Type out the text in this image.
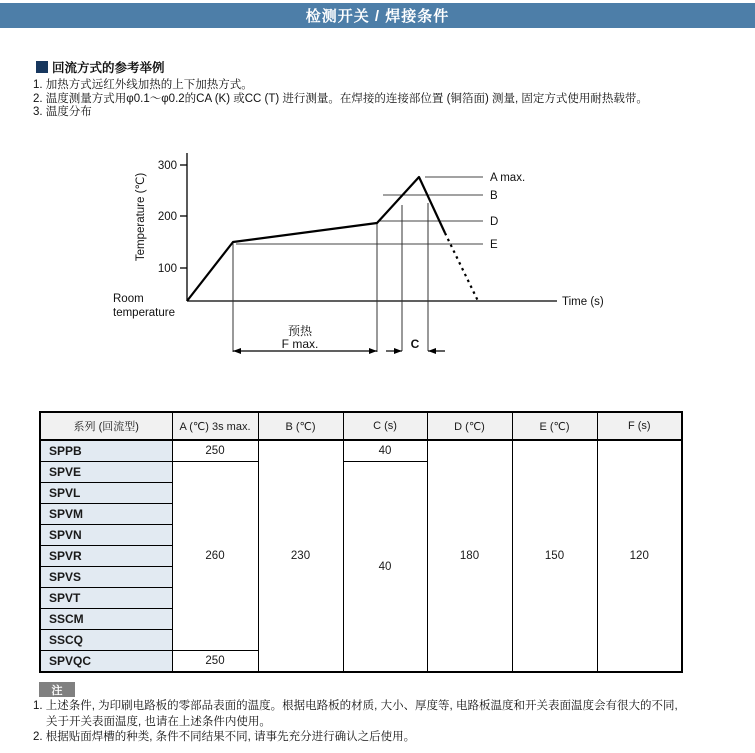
检测开关 / 焊接条件
回流方式的参考举例
1. 加热方式远红外线加热的上下加热方式。
2. 温度测量方式用φ0.1～φ0.2的CA (K) 或CC (T) 进行测量。在焊接的连接部位置 (铜箔面) 测量, 固定方式使用耐热载带。
3. 温度分布
300
200
100
Temperature (℃)
Time (s)
Room
temperature
A max.
B
D
E
预热
F max.	C
系列 (回流型)	A (℃) 3s max.	B (℃)	C (s)	D (℃)	E (℃)	F (s)
SPPB	250	230	40	180	150	120
SPVE	260		40			
SPVL						
SPVM						
SPVN						
SPVR						
SPVS						
SPVT						
SSCM						
SSCQ						
SPVQC	250					
注
1. 上述条件, 为印刷电路板的零部品表面的温度。根据电路板的材质, 大小、厚度等, 电路板温度和开关表面温度会有很大的不同,
关于开关表面温度, 也请在上述条件内使用。
2. 根据贴面焊槽的种类, 条件不同结果不同, 请事先充分进行确认之后使用。
